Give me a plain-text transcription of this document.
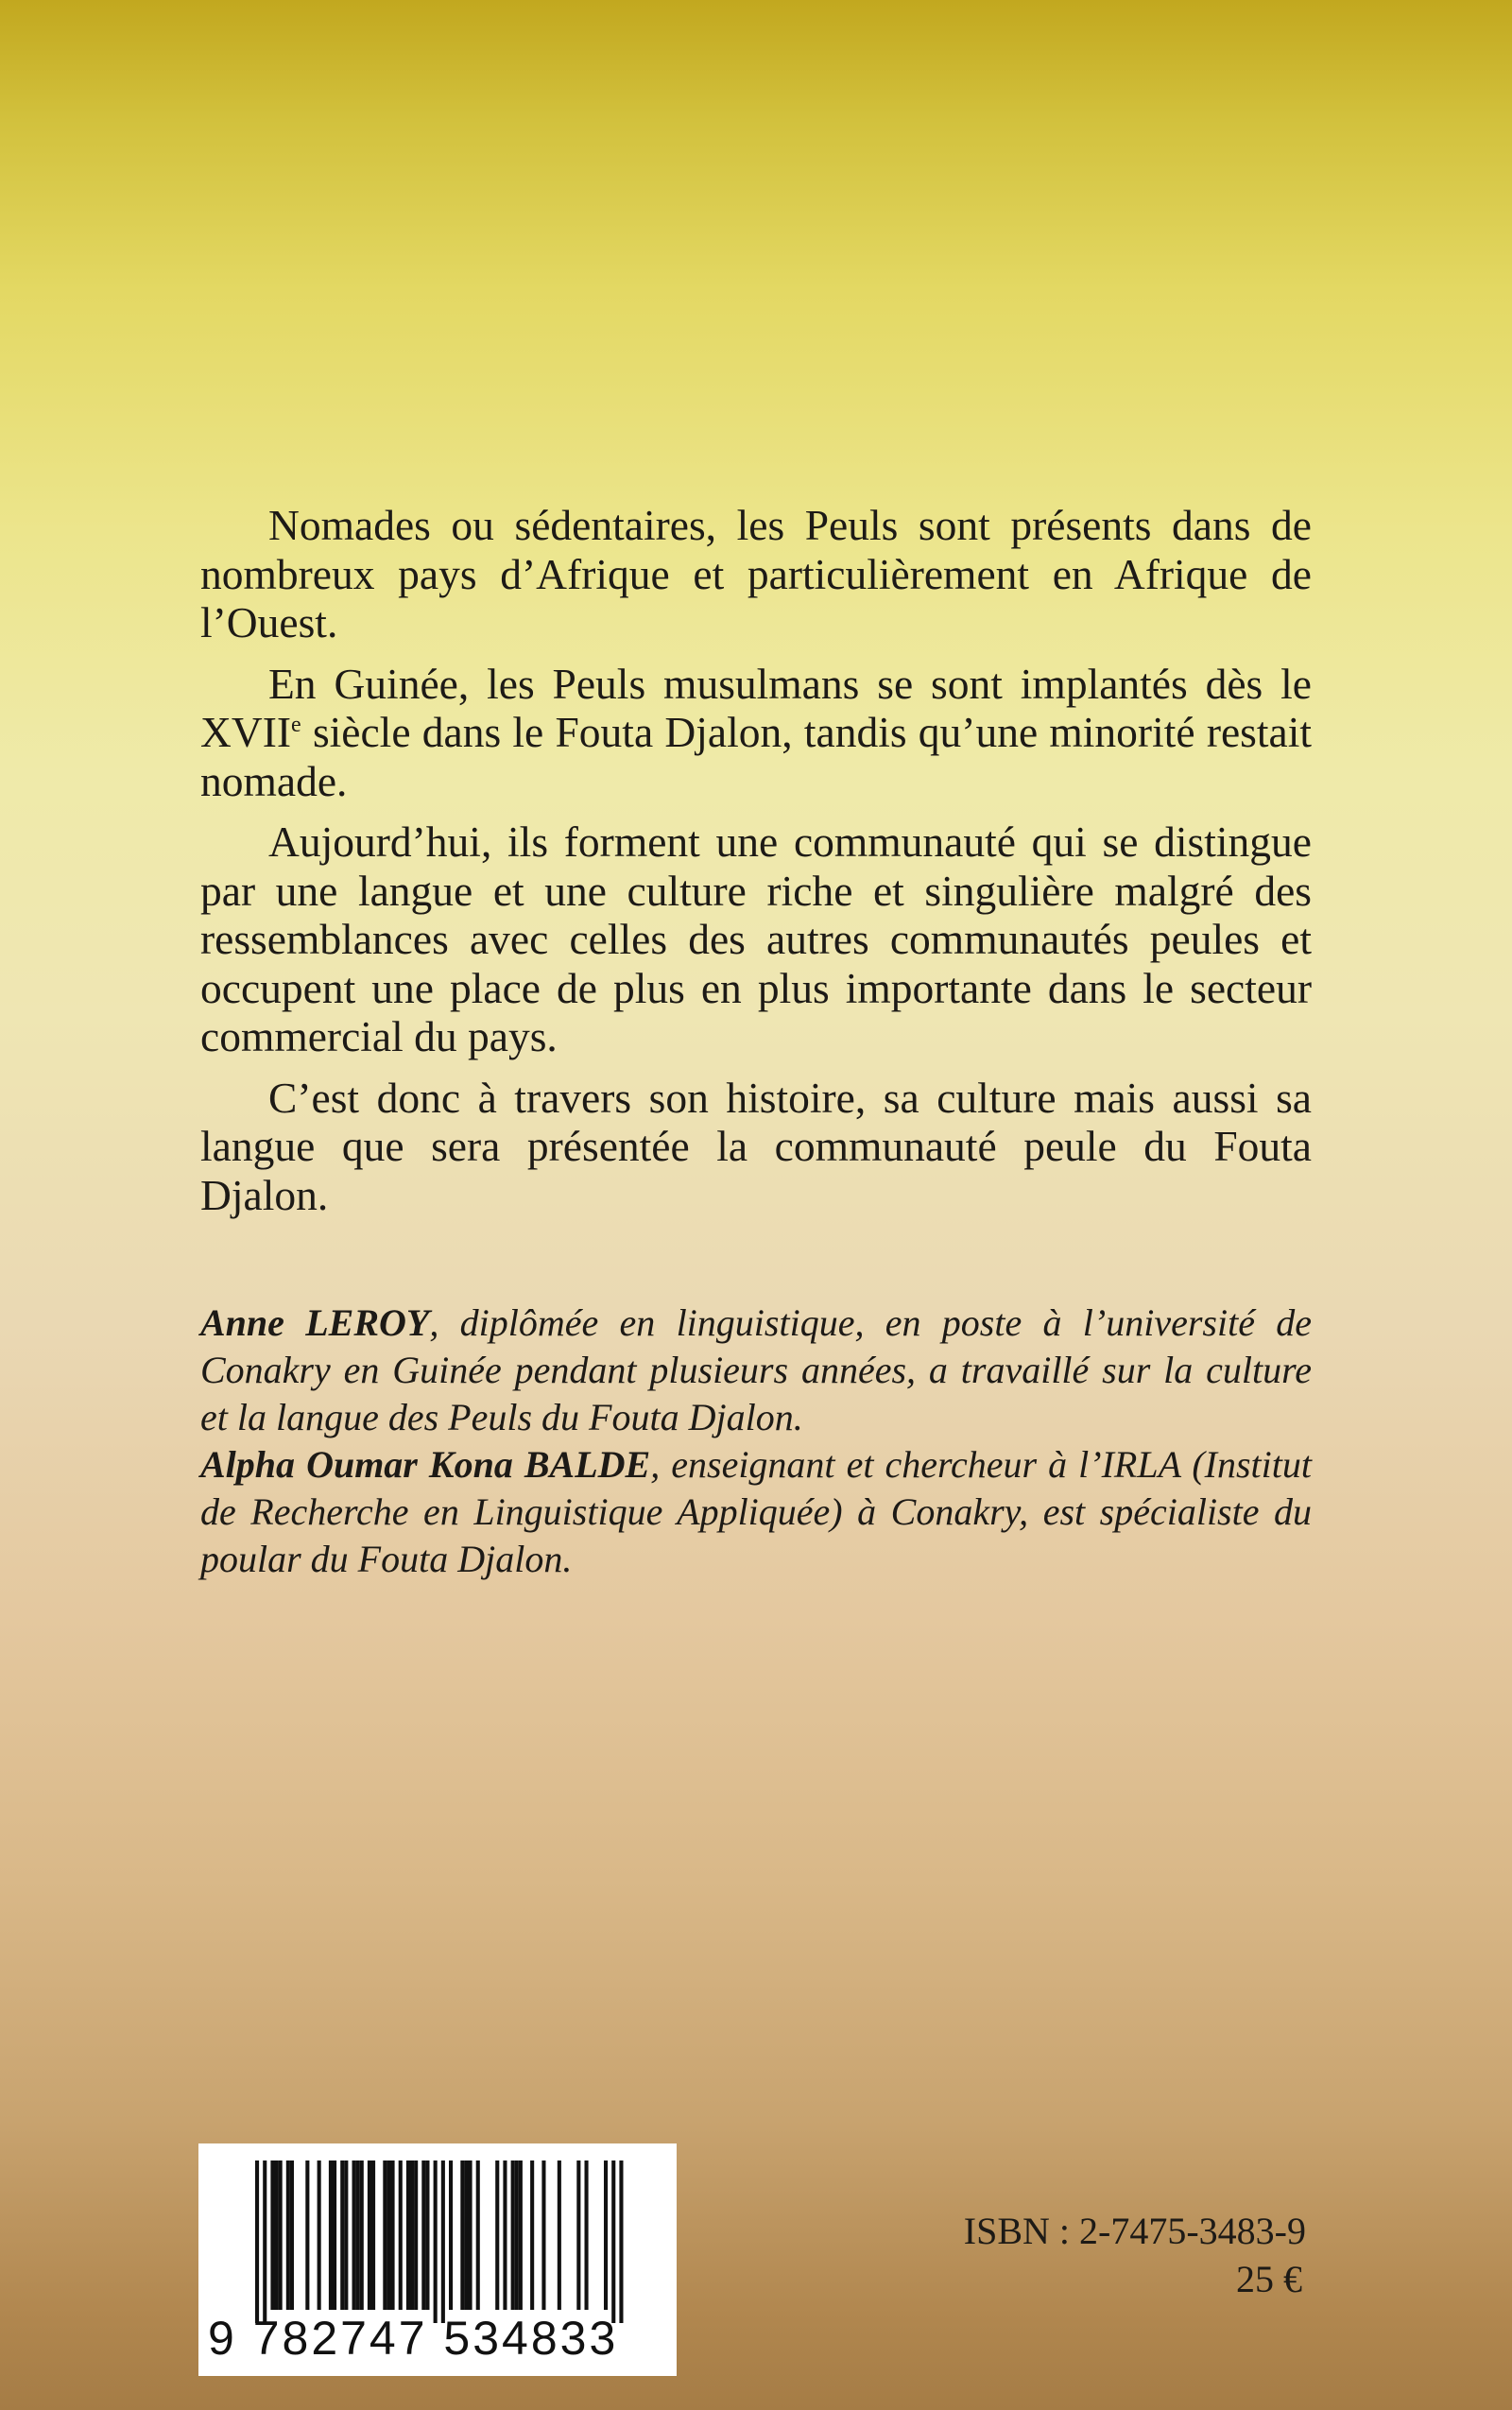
Nomades ou sédentaires, les Peuls sont présents dans de nombreux pays d’Afrique et particulièrement en Afrique de l’Ouest.

En Guinée, les Peuls musulmans se sont implantés dès le XVIIe siècle dans le Fouta Djalon, tandis qu’une minorité restait nomade.

Aujourd’hui, ils forment une communauté qui se distingue par une langue et une culture riche et singulière malgré des ressemblances avec celles des autres communautés peules et occupent une place de plus en plus importante dans le secteur commercial du pays.

C’est donc à travers son histoire, sa culture mais aussi sa langue que sera présentée la communauté peule du Fouta Djalon.

Anne LEROY, diplômée en linguistique, en poste à l’université de Conakry en Guinée pendant plusieurs années, a travaillé sur la culture et la langue des Peuls du Fouta Djalon.

Alpha Oumar Kona BALDE, enseignant et chercheur à l’IRLA (Institut de Recherche en Linguistique Appliquée) à Conakry, est spécialiste du poular du Fouta Djalon.

9 782747 534833
ISBN : 2-7475-3483-9
25 €
